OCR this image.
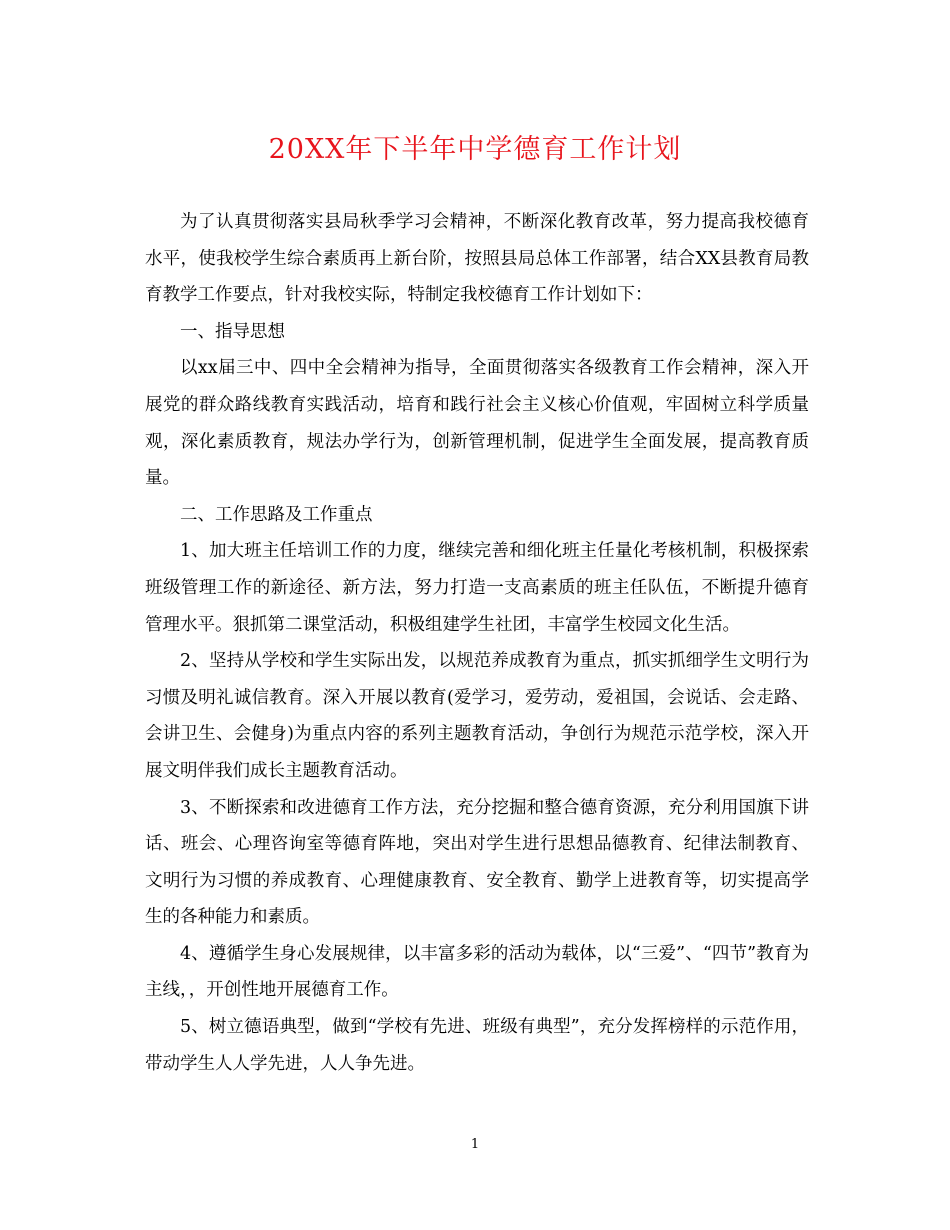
20XX年下半年中学德育工作计划

为了认真贯彻落实县局秋季学习会精神，不断深化教育改革，努力提高我校德育水平，使我校学生综合素质再上新台阶，按照县局总体工作部署，结合XX县教育局教育教学工作要点，针对我校实际，特制定我校德育工作计划如下：

一、指导思想

以xx届三中、四中全会精神为指导，全面贯彻落实各级教育工作会精神，深入开展党的群众路线教育实践活动，培育和践行社会主义核心价值观，牢固树立科学质量观，深化素质教育，规法办学行为，创新管理机制，促进学生全面发展，提高教育质量。

二、工作思路及工作重点

1、加大班主任培训工作的力度，继续完善和细化班主任量化考核机制，积极探索班级管理工作的新途径、新方法，努力打造一支高素质的班主任队伍，不断提升德育管理水平。狠抓第二课堂活动，积极组建学生社团，丰富学生校园文化生活。

2、坚持从学校和学生实际出发，以规范养成教育为重点，抓实抓细学生文明行为习惯及明礼诚信教育。深入开展以教育(爱学习，爱劳动，爱祖国，会说话、会走路、会讲卫生、会健身)为重点内容的系列主题教育活动，争创行为规范示范学校，深入开展文明伴我们成长主题教育活动。

3、不断探索和改进德育工作方法，充分挖掘和整合德育资源，充分利用国旗下讲话、班会、心理咨询室等德育阵地，突出对学生进行思想品德教育、纪律法制教育、文明行为习惯的养成教育、心理健康教育、安全教育、勤学上进教育等，切实提高学生的各种能力和素质。

4、遵循学生身心发展规律，以丰富多彩的活动为载体，以“三爱”、“四节”教育为主线，，开创性地开展德育工作。

5、树立德语典型，做到“学校有先进、班级有典型”，充分发挥榜样的示范作用，带动学生人人学先进，人人争先进。

1
